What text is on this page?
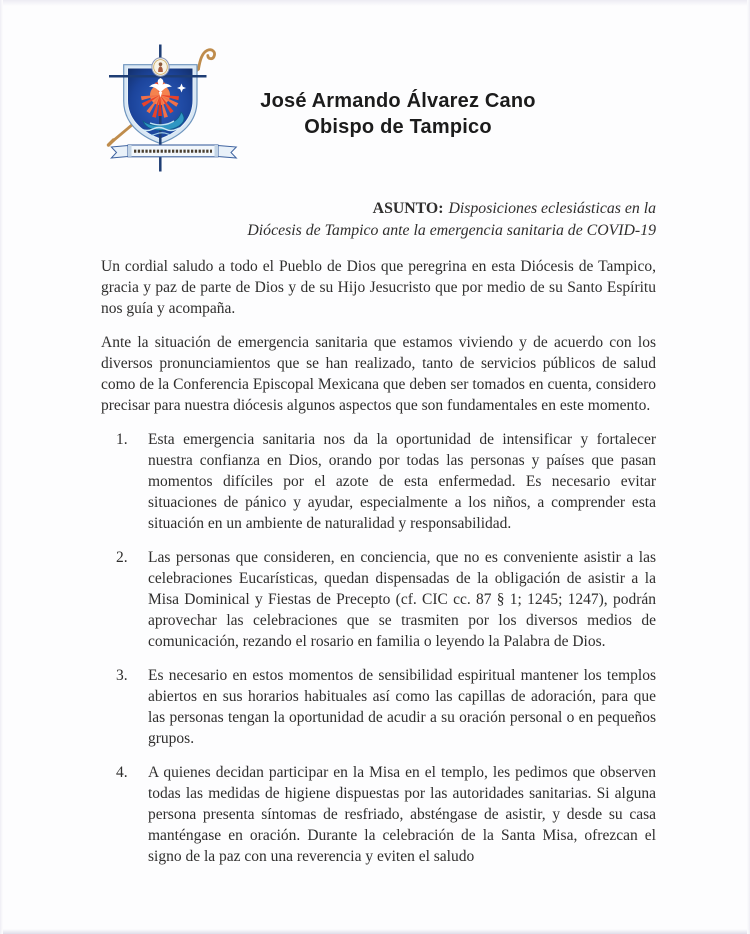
José Armando Álvarez Cano
Obispo de Tampico
ASUNTO: Disposiciones eclesiásticas en la
Diócesis de Tampico ante la emergencia sanitaria de COVID-19

Un cordial saludo a todo el Pueblo de Dios que peregrina en esta Diócesis de Tampico, gracia y paz de parte de Dios y de su Hijo Jesucristo que por medio de su Santo Espíritu nos guía y acompaña.

Ante la situación de emergencia sanitaria que estamos viviendo y de acuerdo con los diversos pronunciamientos que se han realizado, tanto de servicios públicos de salud como de la Conferencia Episcopal Mexicana que deben ser tomados en cuenta, considero precisar para nuestra diócesis algunos aspectos que son fundamentales en este momento.

1. Esta emergencia sanitaria nos da la oportunidad de intensificar y fortalecer nuestra confianza en Dios, orando por todas las personas y países que pasan momentos difíciles por el azote de esta enfermedad. Es necesario evitar situaciones de pánico y ayudar, especialmente a los niños, a comprender esta situación en un ambiente de naturalidad y responsabilidad.
2. Las personas que consideren, en conciencia, que no es conveniente asistir a las celebraciones Eucarísticas, quedan dispensadas de la obligación de asistir a la Misa Dominical y Fiestas de Precepto (cf. CIC cc. 87 § 1; 1245; 1247), podrán aprovechar las celebraciones que se trasmiten por los diversos medios de comunicación, rezando el rosario en familia o leyendo la Palabra de Dios.
3. Es necesario en estos momentos de sensibilidad espiritual mantener los templos abiertos en sus horarios habituales así como las capillas de adoración, para que las personas tengan la oportunidad de acudir a su oración personal o en pequeños grupos.
4. A quienes decidan participar en la Misa en el templo, les pedimos que observen todas las medidas de higiene dispuestas por las autoridades sanitarias. Si alguna persona presenta síntomas de resfriado, absténgase de asistir, y desde su casa manténgase en oración. Durante la celebración de la Santa Misa, ofrezcan el signo de la paz con una reverencia y eviten el saludo
